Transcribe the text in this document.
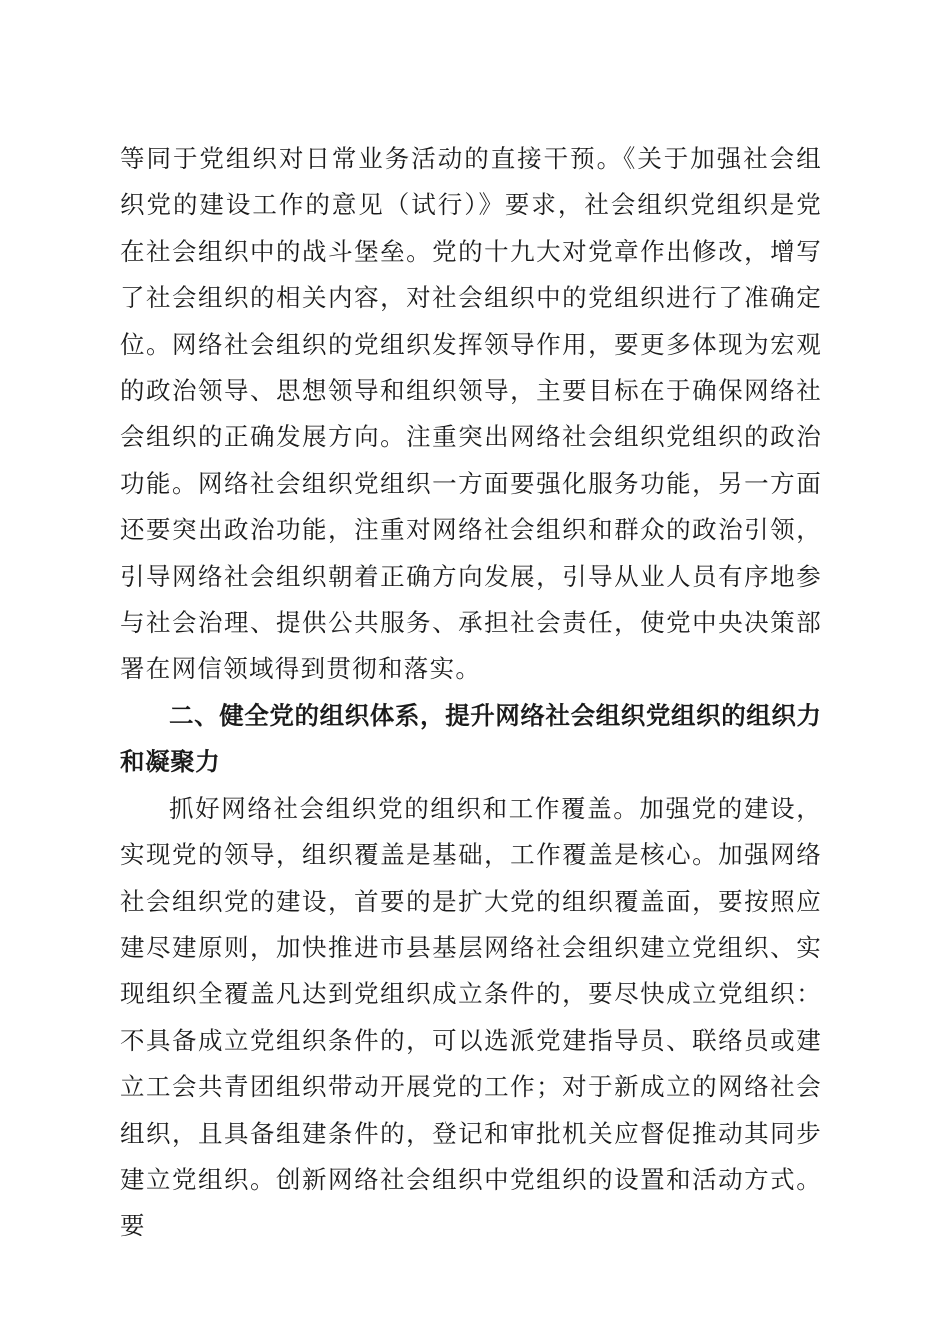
等同于党组织对日常业务活动的直接干预。《关于加强社会组织党的建设工作的意见（试行）》要求，社会组织党组织是党在社会组织中的战斗堡垒。党的十九大对党章作出修改，增写了社会组织的相关内容，对社会组织中的党组织进行了准确定位。网络社会组织的党组织发挥领导作用，要更多体现为宏观的政治领导、思想领导和组织领导，主要目标在于确保网络社会组织的正确发展方向。注重突出网络社会组织党组织的政治功能。网络社会组织党组织一方面要强化服务功能，另一方面还要突出政治功能，注重对网络社会组织和群众的政治引领，引导网络社会组织朝着正确方向发展，引导从业人员有序地参与社会治理、提供公共服务、承担社会责任，使党中央决策部署在网信领域得到贯彻和落实。

二、健全党的组织体系，提升网络社会组织党组织的组织力和凝聚力

抓好网络社会组织党的组织和工作覆盖。加强党的建设，实现党的领导，组织覆盖是基础，工作覆盖是核心。加强网络社会组织党的建设，首要的是扩大党的组织覆盖面，要按照应建尽建原则，加快推进市县基层网络社会组织建立党组织、实现组织全覆盖凡达到党组织成立条件的，要尽快成立党组织：不具备成立党组织条件的，可以选派党建指导员、联络员或建立工会共青团组织带动开展党的工作；对于新成立的网络社会组织，且具备组建条件的，登记和审批机关应督促推动其同步建立党组织。创新网络社会组织中党组织的设置和活动方式。要
